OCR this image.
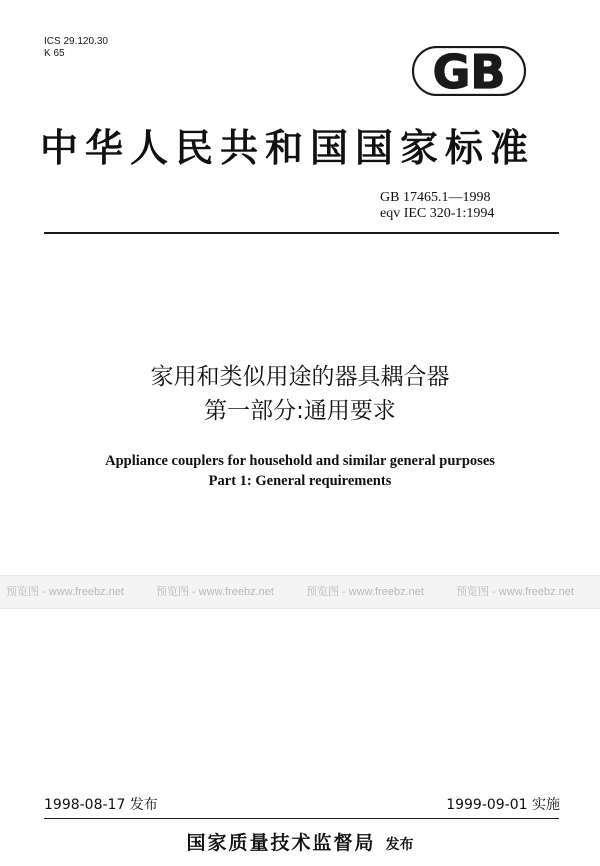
ICS 29.120.30
K 65	GB
中华人民共和国国家标准
GB 17465.1—1998
eqv IEC 320-1:1994
家用和类似用途的器具耦合器
第一部分:通用要求
Appliance couplers for household and similar general purposes
Part 1: General requirements
预览图 - www.freebz.net	预览图 - www.freebz.net	预览图 - www.freebz.net	预览图 - www.freebz.net
1998-08-17 发布	1999-09-01 实施
国家质量技术监督局 发布
